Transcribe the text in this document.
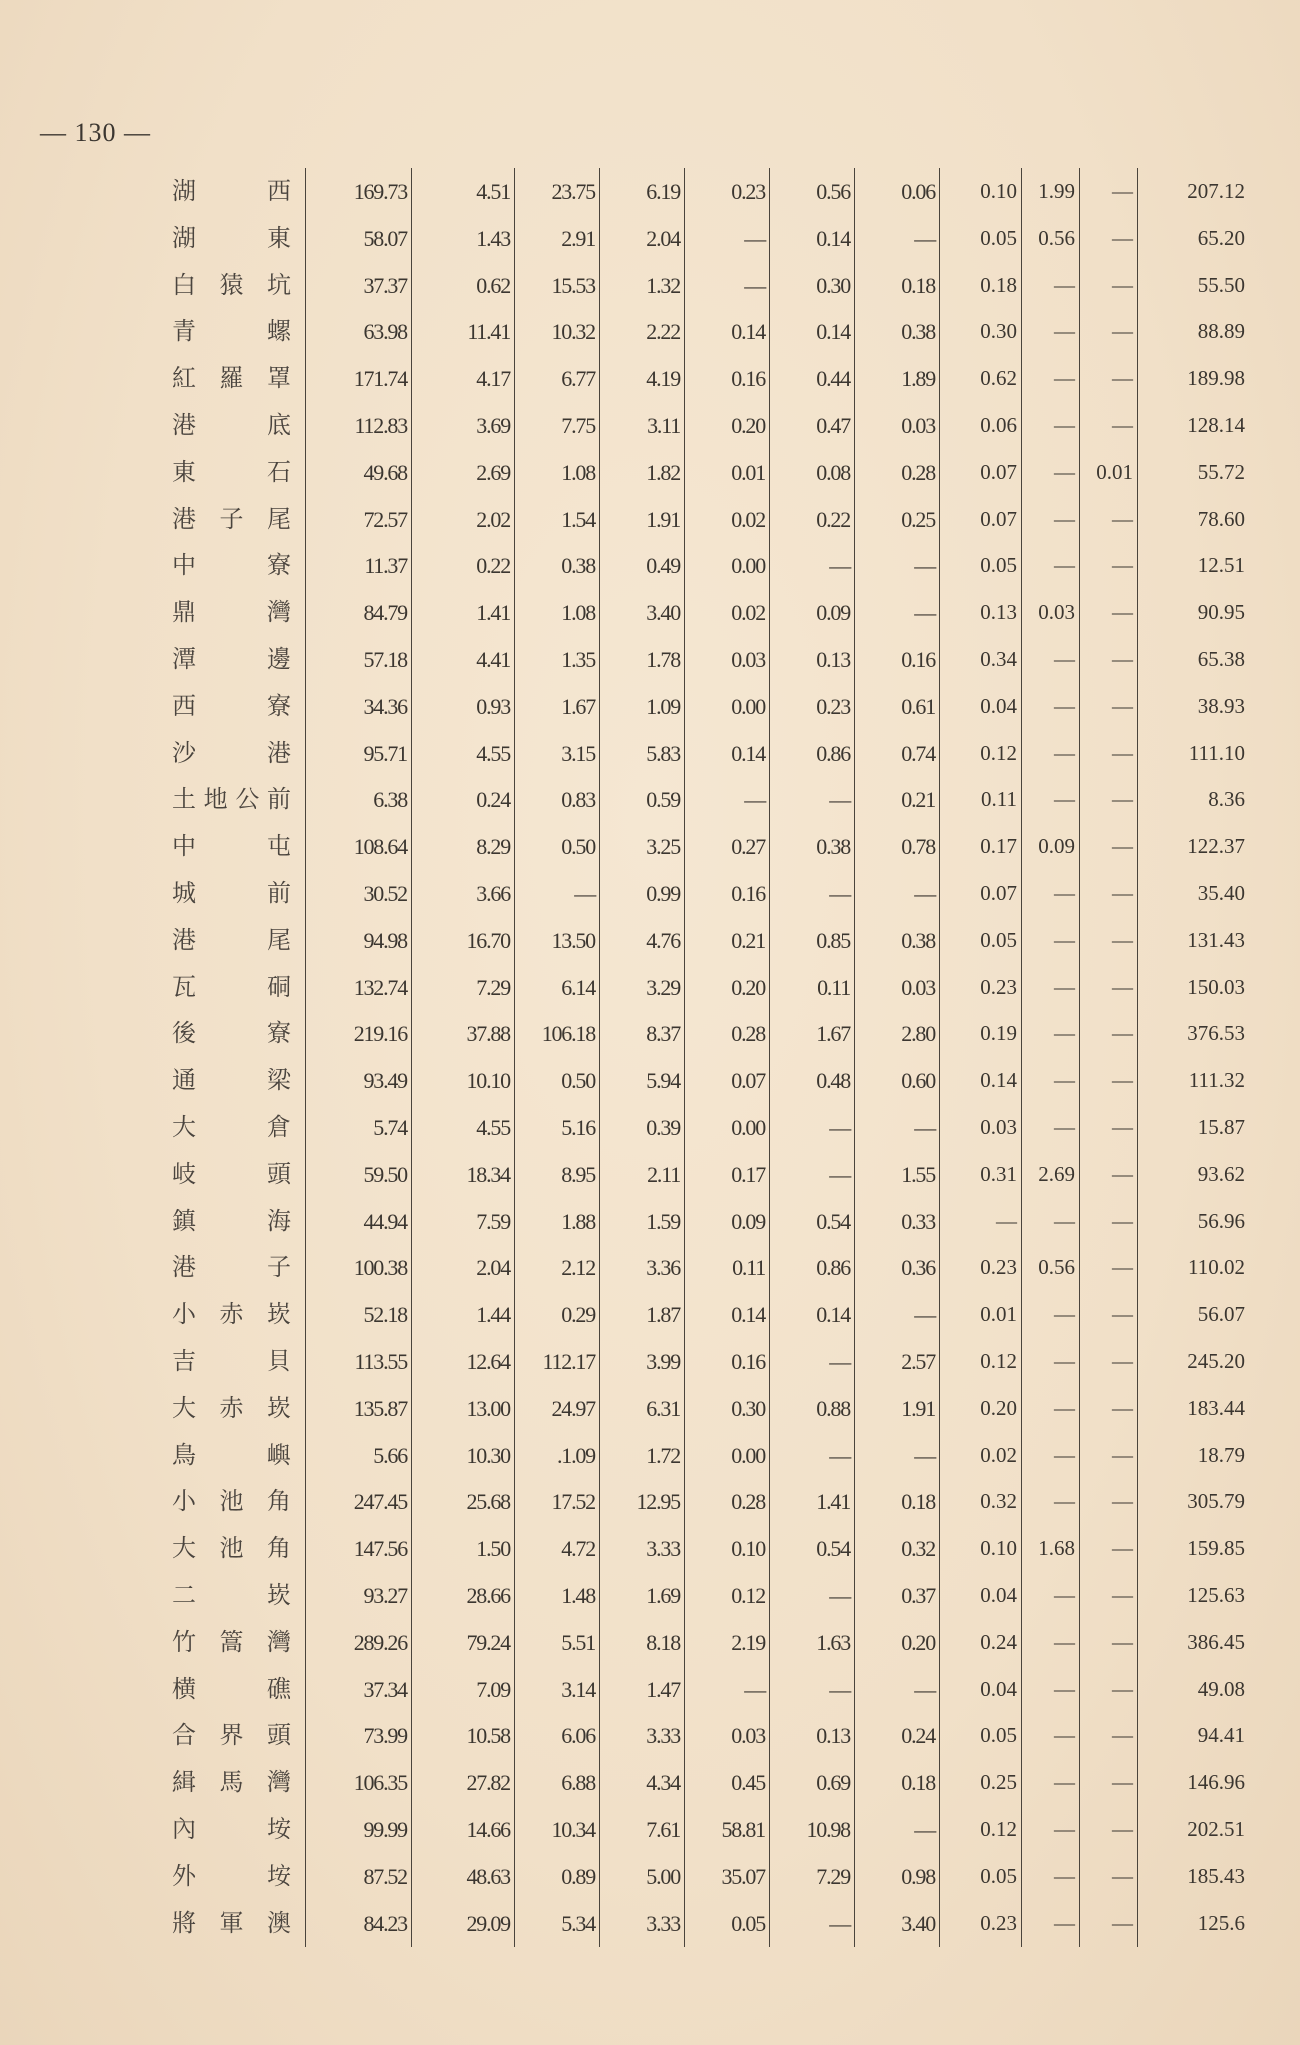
— 130 —
湖西	169.73	4.51	23.75	6.19	0.23	0.56	0.06	0.10	1.99	—	207.12
湖東	58.07	1.43	2.91	2.04	—	0.14	—	0.05	0.56	—	65.20
白猿坑	37.37	0.62	15.53	1.32	—	0.30	0.18	0.18	—	—	55.50
青螺	63.98	11.41	10.32	2.22	0.14	0.14	0.38	0.30	—	—	88.89
紅羅罩	171.74	4.17	6.77	4.19	0.16	0.44	1.89	0.62	—	—	189.98
港底	112.83	3.69	7.75	3.11	0.20	0.47	0.03	0.06	—	—	128.14
東石	49.68	2.69	1.08	1.82	0.01	0.08	0.28	0.07	—	0.01	55.72
港子尾	72.57	2.02	1.54	1.91	0.02	0.22	0.25	0.07	—	—	78.60
中寮	11.37	0.22	0.38	0.49	0.00	—	—	0.05	—	—	12.51
鼎灣	84.79	1.41	1.08	3.40	0.02	0.09	—	0.13	0.03	—	90.95
潭邊	57.18	4.41	1.35	1.78	0.03	0.13	0.16	0.34	—	—	65.38
西寮	34.36	0.93	1.67	1.09	0.00	0.23	0.61	0.04	—	—	38.93
沙港	95.71	4.55	3.15	5.83	0.14	0.86	0.74	0.12	—	—	111.10
土地公前	6.38	0.24	0.83	0.59	—	—	0.21	0.11	—	—	8.36
中屯	108.64	8.29	0.50	3.25	0.27	0.38	0.78	0.17	0.09	—	122.37
城前	30.52	3.66	—	0.99	0.16	—	—	0.07	—	—	35.40
港尾	94.98	16.70	13.50	4.76	0.21	0.85	0.38	0.05	—	—	131.43
瓦硐	132.74	7.29	6.14	3.29	0.20	0.11	0.03	0.23	—	—	150.03
後寮	219.16	37.88	106.18	8.37	0.28	1.67	2.80	0.19	—	—	376.53
通梁	93.49	10.10	0.50	5.94	0.07	0.48	0.60	0.14	—	—	111.32
大倉	5.74	4.55	5.16	0.39	0.00	—	—	0.03	—	—	15.87
岐頭	59.50	18.34	8.95	2.11	0.17	—	1.55	0.31	2.69	—	93.62
鎮海	44.94	7.59	1.88	1.59	0.09	0.54	0.33	—	—	—	56.96
港子	100.38	2.04	2.12	3.36	0.11	0.86	0.36	0.23	0.56	—	110.02
小赤崁	52.18	1.44	0.29	1.87	0.14	0.14	—	0.01	—	—	56.07
吉貝	113.55	12.64	112.17	3.99	0.16	—	2.57	0.12	—	—	245.20
大赤崁	135.87	13.00	24.97	6.31	0.30	0.88	1.91	0.20	—	—	183.44
鳥嶼	5.66	10.30	.1.09	1.72	0.00	—	—	0.02	—	—	18.79
小池角	247.45	25.68	17.52	12.95	0.28	1.41	0.18	0.32	—	—	305.79
大池角	147.56	1.50	4.72	3.33	0.10	0.54	0.32	0.10	1.68	—	159.85
二崁	93.27	28.66	1.48	1.69	0.12	—	0.37	0.04	—	—	125.63
竹篙灣	289.26	79.24	5.51	8.18	2.19	1.63	0.20	0.24	—	—	386.45
横礁	37.34	7.09	3.14	1.47	—	—	—	0.04	—	—	49.08
合界頭	73.99	10.58	6.06	3.33	0.03	0.13	0.24	0.05	—	—	94.41
緝馬灣	106.35	27.82	6.88	4.34	0.45	0.69	0.18	0.25	—	—	146.96
內垵	99.99	14.66	10.34	7.61	58.81	10.98	—	0.12	—	—	202.51
外垵	87.52	48.63	0.89	5.00	35.07	7.29	0.98	0.05	—	—	185.43
將軍澳	84.23	29.09	5.34	3.33	0.05	—	3.40	0.23	—	—	125.6
